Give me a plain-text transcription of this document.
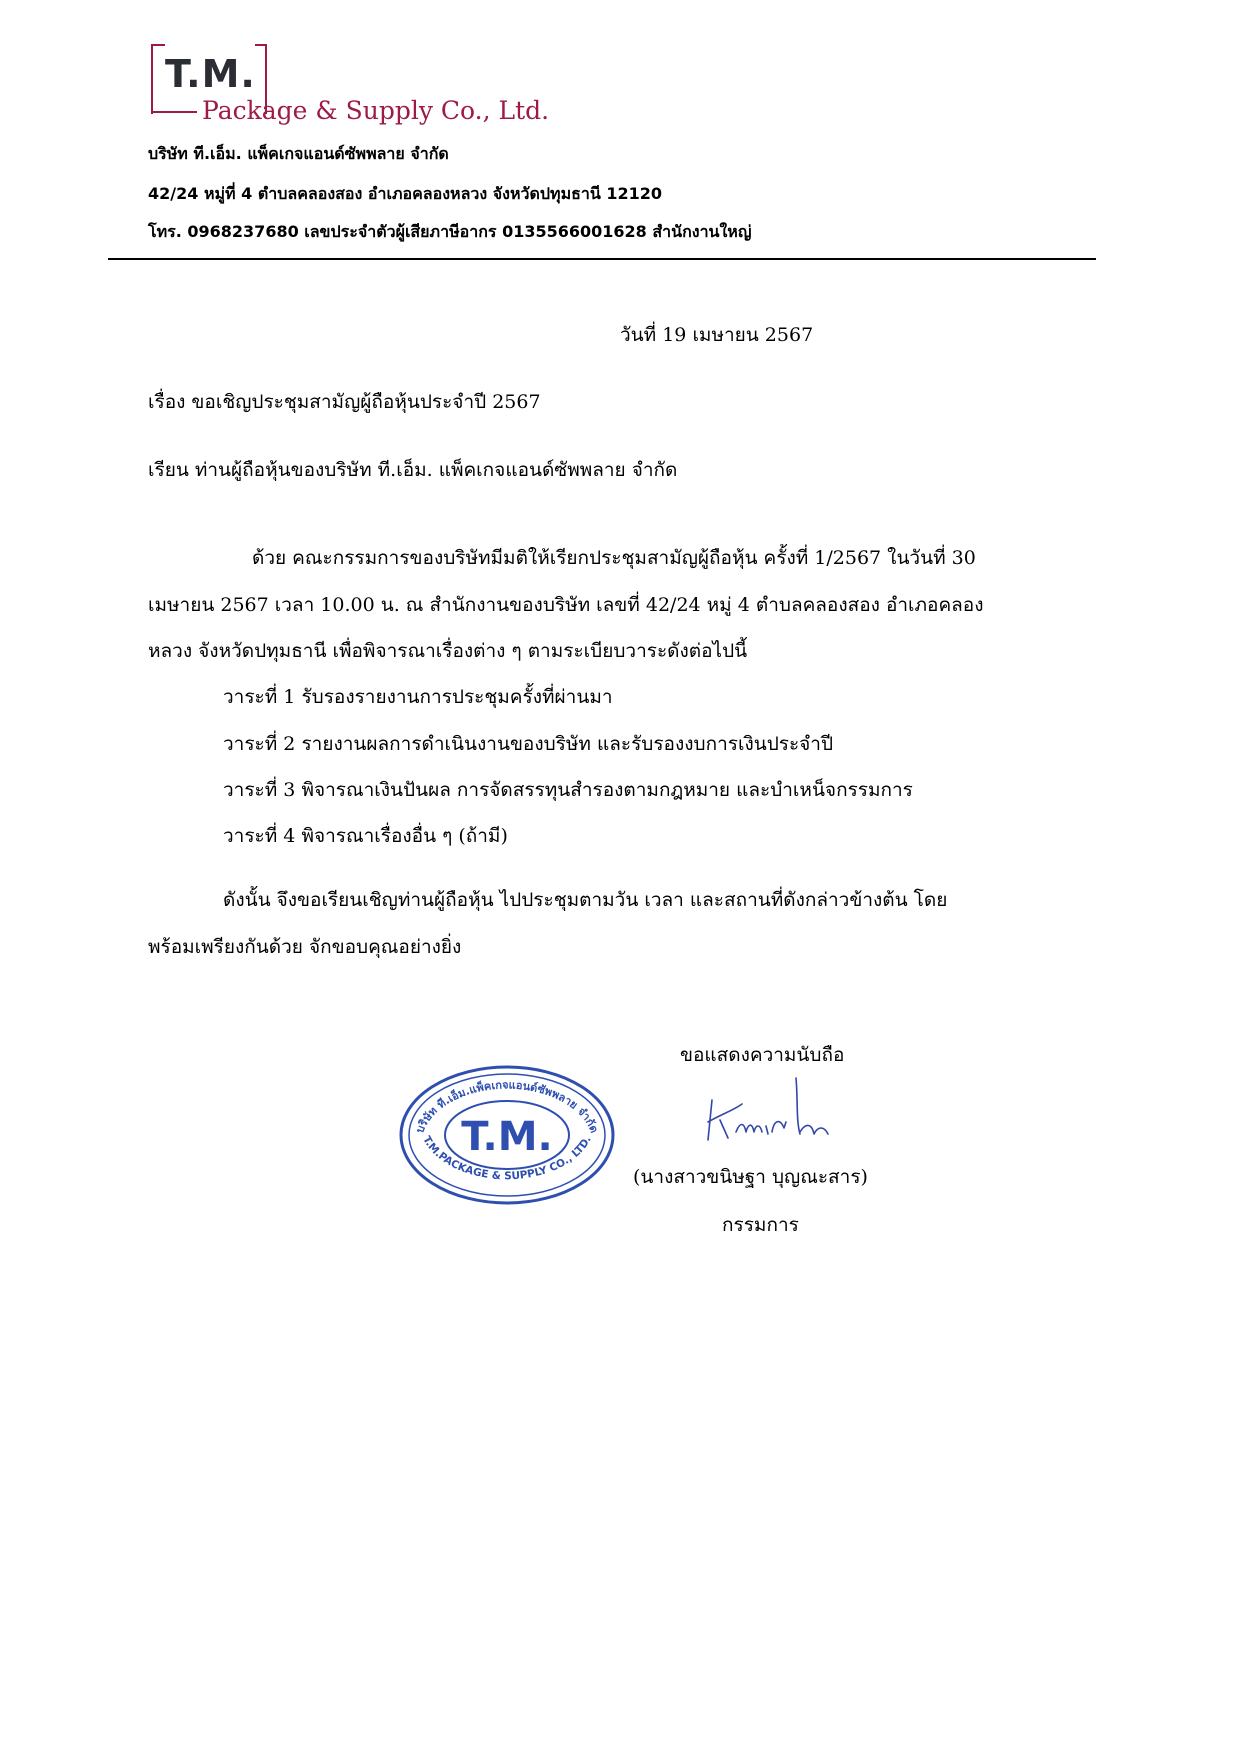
T.M.
Package & Supply Co., Ltd.
บริษัท ที.เอ็ม. แพ็คเกจแอนด์ซัพพลาย จำกัด
42/24 หมู่ที่ 4 ตำบลคลองสอง อำเภอคลองหลวง จังหวัดปทุมธานี 12120
โทร. 0968237680 เลขประจำตัวผู้เสียภาษีอากร 0135566001628 สำนักงานใหญ่
วันที่ 19 เมษายน 2567
เรื่อง ขอเชิญประชุมสามัญผู้ถือหุ้นประจำปี 2567
เรียน ท่านผู้ถือหุ้นของบริษัท ที.เอ็ม. แพ็คเกจแอนด์ซัพพลาย จำกัด
ด้วย คณะกรรมการของบริษัทมีมติให้เรียกประชุมสามัญผู้ถือหุ้น ครั้งที่ 1/2567 ในวันที่ 30
เมษายน 2567 เวลา 10.00 น. ณ สำนักงานของบริษัท เลขที่ 42/24 หมู่ 4 ตำบลคลองสอง อำเภอคลอง
หลวง จังหวัดปทุมธานี เพื่อพิจารณาเรื่องต่าง ๆ ตามระเบียบวาระดังต่อไปนี้
วาระที่ 1 รับรองรายงานการประชุมครั้งที่ผ่านมา
วาระที่ 2 รายงานผลการดำเนินงานของบริษัท และรับรองงบการเงินประจำปี
วาระที่ 3 พิจารณาเงินปันผล การจัดสรรทุนสำรองตามกฎหมาย และบำเหน็จกรรมการ
วาระที่ 4 พิจารณาเรื่องอื่น ๆ (ถ้ามี)
ดังนั้น จึงขอเรียนเชิญท่านผู้ถือหุ้น ไปประชุมตามวัน เวลา และสถานที่ดังกล่าวข้างต้น โดย
พร้อมเพรียงกันด้วย จักขอบคุณอย่างยิ่ง
ขอแสดงความนับถือ
(นางสาวขนิษฐา บุญณะสาร)
กรรมการ
บริษัท ที.เอ็ม.แพ็คเกจแอนด์ซัพพลาย จำกัด
T.M.PACKAGE & SUPPLY CO., LTD.
T.M.
